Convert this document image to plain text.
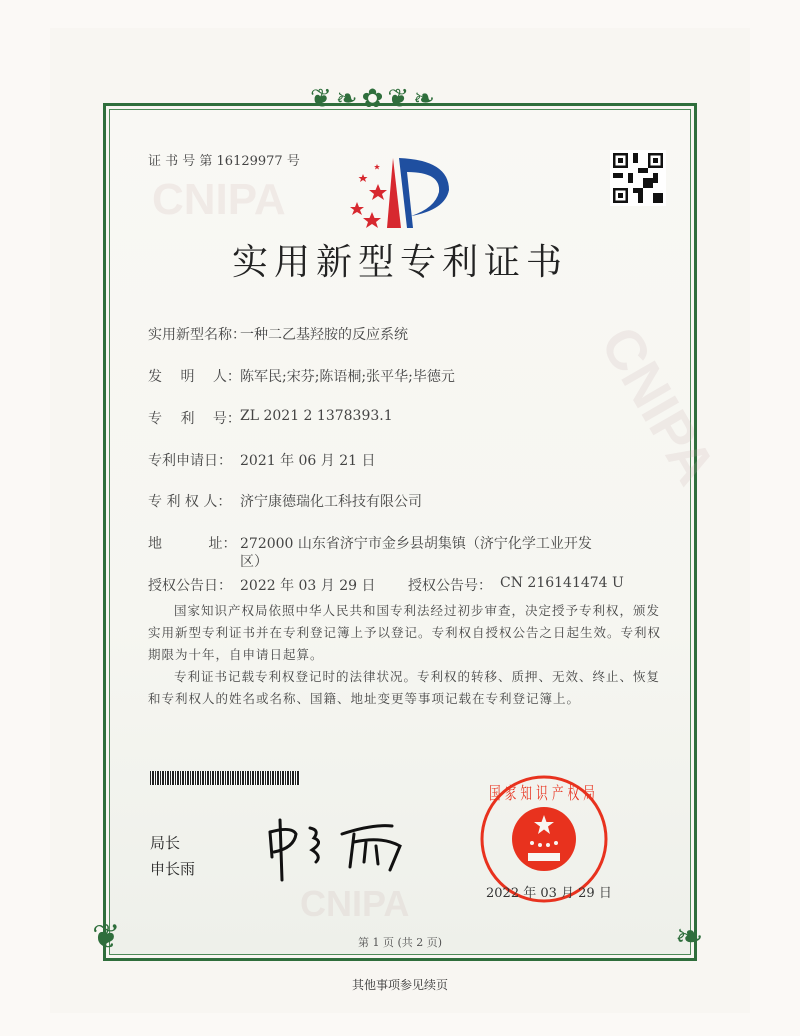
❦❧✿❦❧
❦	❧
CNIPA
CNIPA
CNIPA
证 书 号 第 16129977 号
实用新型专利证书
实用新型名称：
一种二乙基羟胺的反应系统
发　 明　 人： 陈军民;宋芬;陈语桐;张平华;毕德元
专　 利　 号： ZL 2021 2 1378393.1
专利申请日： 2021 年 06 月 21 日
专 利 权 人： 济宁康德瑞化工科技有限公司
地　　　 址： 272000 山东省济宁市金乡县胡集镇（济宁化学工业开发
区）
授权公告日： 2022 年 03 月 29 日 授权公告号： CN 216141474 U
国家知识产权局依照中华人民共和国专利法经过初步审查，决定授予专利权，颁发实用新型专利证书并在专利登记簿上予以登记。专利权自授权公告之日起生效。专利权期限为十年，自申请日起算。
专利证书记载专利权登记时的法律状况。专利权的转移、质押、无效、终止、恢复和专利权人的姓名或名称、国籍、地址变更等事项记载在专利登记簿上。
局长
申长雨
国家知识产权局
2022 年 03 月 29 日
第 1 页 (共 2 页)
其他事项参见续页
